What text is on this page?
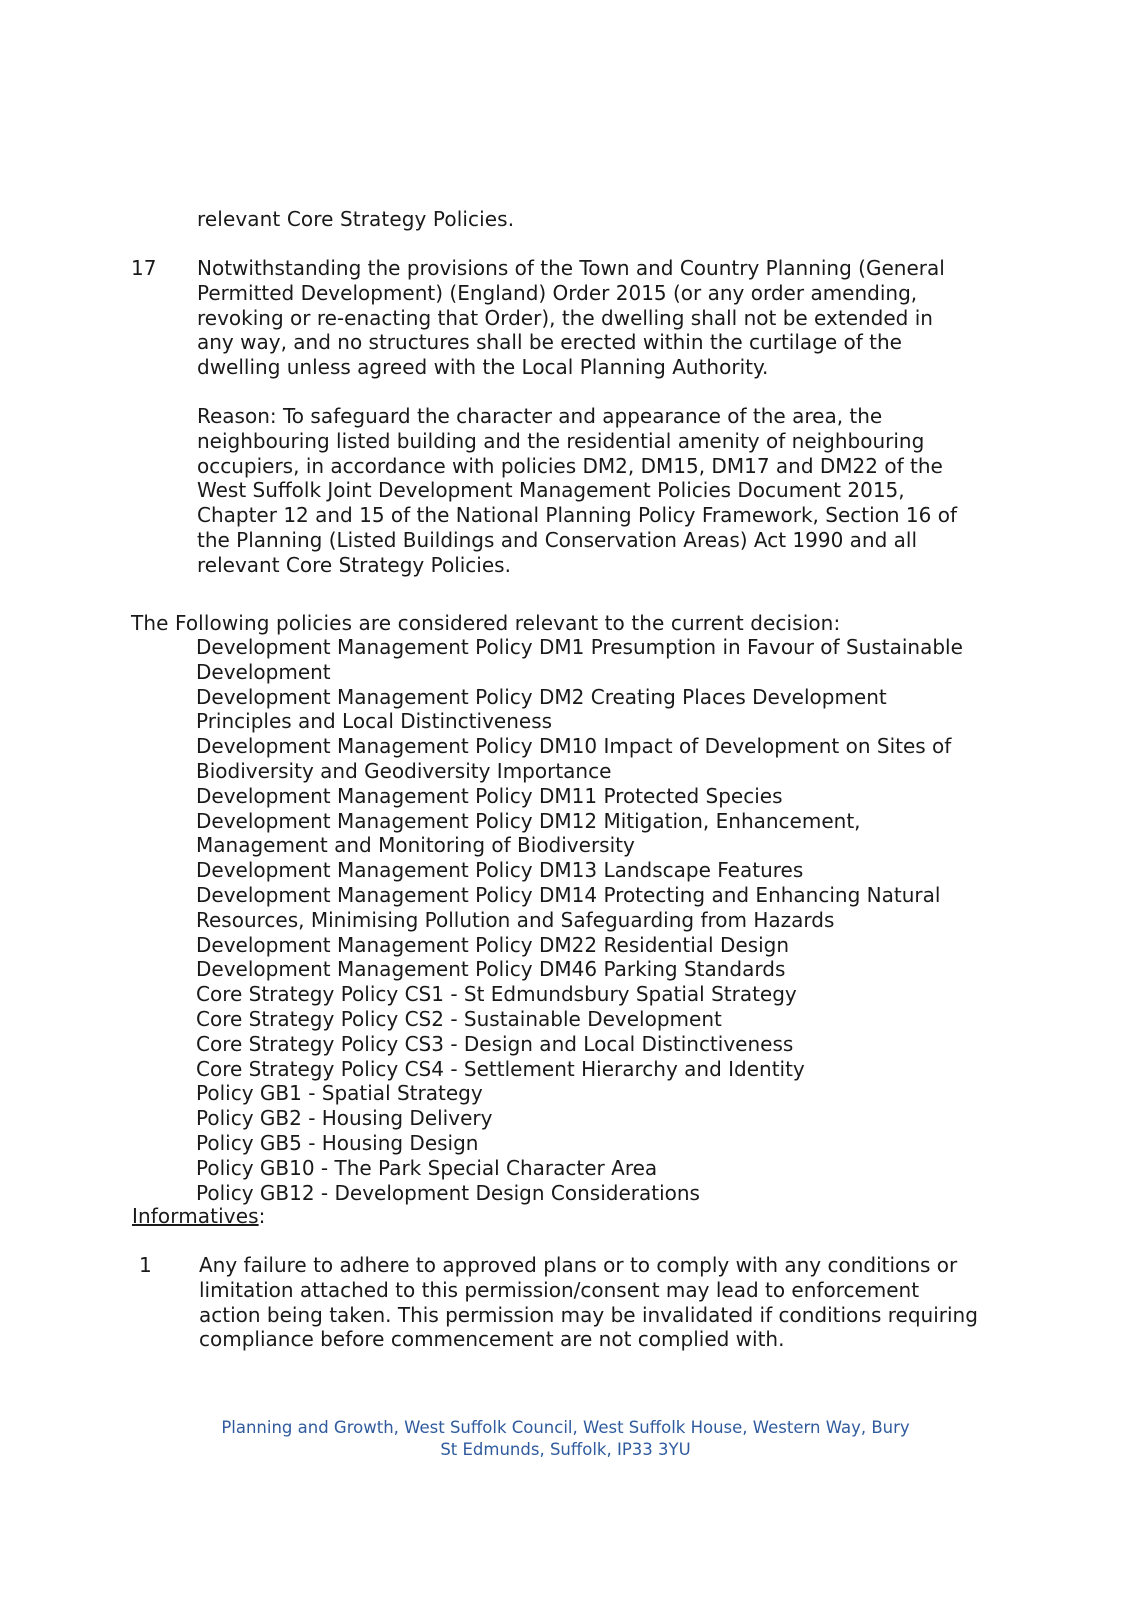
relevant Core Strategy Policies.
17 Notwithstanding the provisions of the Town and Country Planning (General
Permitted Development) (England) Order 2015 (or any order amending,
revoking or re-enacting that Order), the dwelling shall not be extended in
any way, and no structures shall be erected within the curtilage of the
dwelling unless agreed with the Local Planning Authority.
Reason: To safeguard the character and appearance of the area, the
neighbouring listed building and the residential amenity of neighbouring
occupiers, in accordance with policies DM2, DM15, DM17 and DM22 of the
West Suffolk Joint Development Management Policies Document 2015,
Chapter 12 and 15 of the National Planning Policy Framework, Section 16 of
the Planning (Listed Buildings and Conservation Areas) Act 1990 and all
relevant Core Strategy Policies.
The Following policies are considered relevant to the current decision:
Development Management Policy DM1 Presumption in Favour of Sustainable
Development
Development Management Policy DM2 Creating Places Development
Principles and Local Distinctiveness
Development Management Policy DM10 Impact of Development on Sites of
Biodiversity and Geodiversity Importance
Development Management Policy DM11 Protected Species
Development Management Policy DM12 Mitigation, Enhancement,
Management and Monitoring of Biodiversity
Development Management Policy DM13 Landscape Features
Development Management Policy DM14 Protecting and Enhancing Natural
Resources, Minimising Pollution and Safeguarding from Hazards
Development Management Policy DM22 Residential Design
Development Management Policy DM46 Parking Standards
Core Strategy Policy CS1 - St Edmundsbury Spatial Strategy
Core Strategy Policy CS2 - Sustainable Development
Core Strategy Policy CS3 - Design and Local Distinctiveness
Core Strategy Policy CS4 - Settlement Hierarchy and Identity
Policy GB1 - Spatial Strategy
Policy GB2 - Housing Delivery
Policy GB5 - Housing Design
Policy GB10 - The Park Special Character Area
Policy GB12 - Development Design Considerations
Informatives:
1 Any failure to adhere to approved plans or to comply with any conditions or
limitation attached to this permission/consent may lead to enforcement
action being taken. This permission may be invalidated if conditions requiring
compliance before commencement are not complied with.
Planning and Growth, West Suffolk Council, West Suffolk House, Western Way, Bury
St Edmunds, Suffolk, IP33 3YU
